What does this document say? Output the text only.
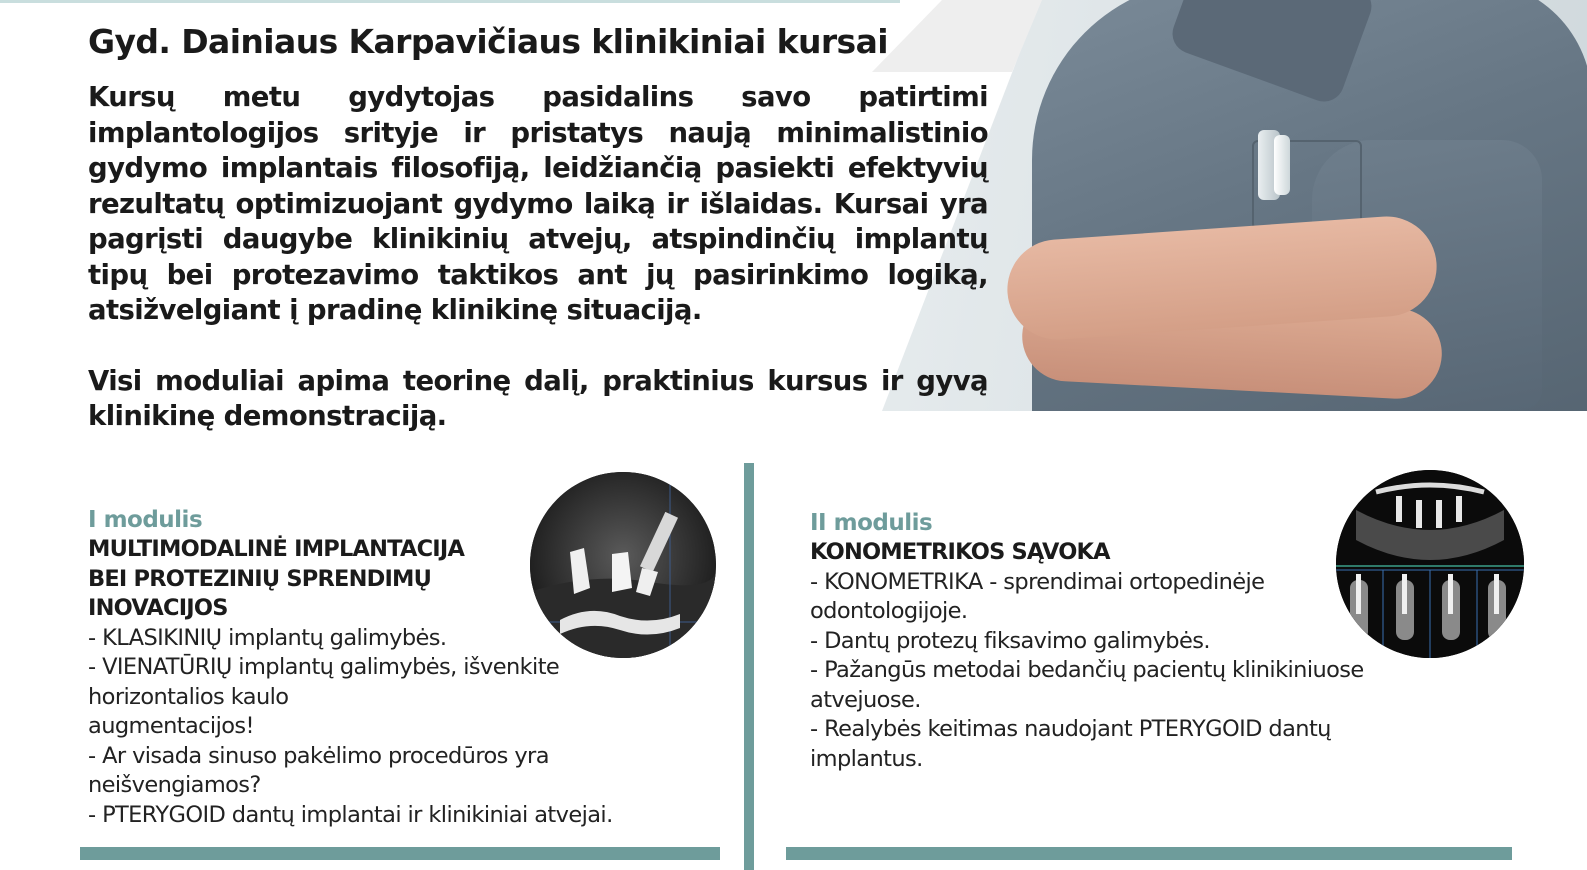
Gyd. Dainiaus Karpavičiaus klinikiniai kursai
Kursų metu gydytojas pasidalins savo patirtimi implantologijos srityje ir pristatys naują minimalistinio gydymo implantais filosofiją, leidžiančią pasiekti efektyvių rezultatų optimizuojant gydymo laiką ir išlaidas. Kursai yra pagrįsti daugybe klinikinių atvejų, atspindinčių implantų tipų bei protezavimo taktikos ant jų pasirinkimo logiką, atsižvelgiant į pradinę klinikinę situaciją.
Visi moduliai apima teorinę dalį, praktinius kursus ir gyvą klinikinę demonstraciją.
I modulis
MULTIMODALINĖ IMPLANTACIJA
BEI PROTEZINIŲ SPRENDIMŲ
INOVACIJOS
- KLASIKINIŲ implantų galimybės.
- VIENATŪRIŲ implantų galimybės, išvenkite
horizontalios kaulo
augmentacijos!
- Ar visada sinuso pakėlimo procedūros yra
neišvengiamos?
- PTERYGOID dantų implantai ir klinikiniai atvejai.
II modulis
KONOMETRIKOS SĄVOKA
- KONOMETRIKA - sprendimai ortopedinėje
odontologijoje.
- Dantų protezų fiksavimo galimybės.
- Pažangūs metodai bedančių pacientų klinikiniuose
atvejuose.
- Realybės keitimas naudojant PTERYGOID dantų
implantus.
